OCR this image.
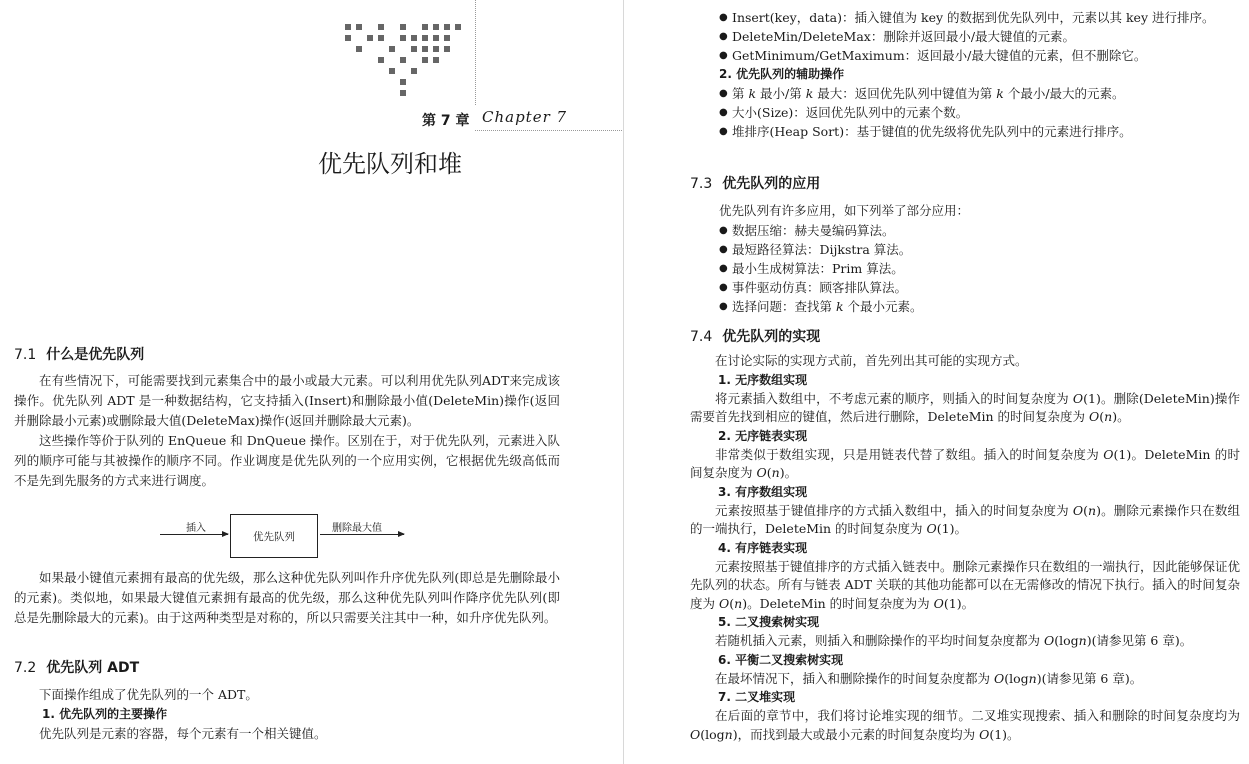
第 7 章 Chapter 7
优先队列和堆
7.1 什么是优先队列

在有些情况下，可能需要找到元素集合中的最小或最大元素。可以利用优先队列ADT来完成该操作。优先队列 ADT 是一种数据结构，它支持插入(Insert)和删除最小值(DeleteMin)操作(返回并删除最小元素)或删除最大值(DeleteMax)操作(返回并删除最大元素)。

这些操作等价于队列的 EnQueue 和 DnQueue 操作。区别在于，对于优先队列，元素进入队列的顺序可能与其被操作的顺序不同。作业调度是优先队列的一个应用实例，它根据优先级高低而不是先到先服务的方式来进行调度。

插入
优先队列
删除最大值

如果最小键值元素拥有最高的优先级，那么这种优先队列叫作升序优先队列(即总是先删除最小的元素)。类似地，如果最大键值元素拥有最高的优先级，那么这种优先队列叫作降序优先队列(即总是先删除最大的元素)。由于这两种类型是对称的，所以只需要关注其中一种，如升序优先队列。

7.2 优先队列 ADT

下面操作组成了优先队列的一个 ADT。

1. 优先队列的主要操作

优先队列是元素的容器，每个元素有一个相关键值。

● Insert(key，data)：插入键值为 key 的数据到优先队列中，元素以其 key 进行排序。
● DeleteMin/DeleteMax：删除并返回最小/最大键值的元素。
● GetMinimum/GetMaximum：返回最小/最大键值的元素，但不删除它。
2. 优先队列的辅助操作
● 第 k 最小/第 k 最大：返回优先队列中键值为第 k 个最小/最大的元素。
● 大小(Size)：返回优先队列中的元素个数。
● 堆排序(Heap Sort)：基于键值的优先级将优先队列中的元素进行排序。
7.3 优先队列的应用

优先队列有许多应用，如下列举了部分应用：

● 数据压缩：赫夫曼编码算法。
● 最短路径算法：Dijkstra 算法。
● 最小生成树算法：Prim 算法。
● 事件驱动仿真：顾客排队算法。
● 选择问题：查找第 k 个最小元素。
7.4 优先队列的实现

在讨论实际的实现方式前，首先列出其可能的实现方式。

1. 无序数组实现

将元素插入数组中，不考虑元素的顺序，则插入的时间复杂度为 O(1)。删除(DeleteMin)操作需要首先找到相应的键值，然后进行删除，DeleteMin 的时间复杂度为 O(n)。

2. 无序链表实现

非常类似于数组实现，只是用链表代替了数组。插入的时间复杂度为 O(1)。DeleteMin 的时间复杂度为 O(n)。

3. 有序数组实现

元素按照基于键值排序的方式插入数组中，插入的时间复杂度为 O(n)。删除元素操作只在数组的一端执行，DeleteMin 的时间复杂度为 O(1)。

4. 有序链表实现

元素按照基于键值排序的方式插入链表中。删除元素操作只在数组的一端执行，因此能够保证优先队列的状态。所有与链表 ADT 关联的其他功能都可以在无需修改的情况下执行。插入的时间复杂度为 O(n)。DeleteMin 的时间复杂度为为 O(1)。

5. 二叉搜索树实现

若随机插入元素，则插入和删除操作的平均时间复杂度都为 O(logn)(请参见第 6 章)。

6. 平衡二叉搜索树实现

在最坏情况下，插入和删除操作的时间复杂度都为 O(logn)(请参见第 6 章)。

7. 二叉堆实现

在后面的章节中，我们将讨论堆实现的细节。二叉堆实现搜索、插入和删除的时间复杂度均为 O(logn)，而找到最大或最小元素的时间复杂度均为 O(1)。
